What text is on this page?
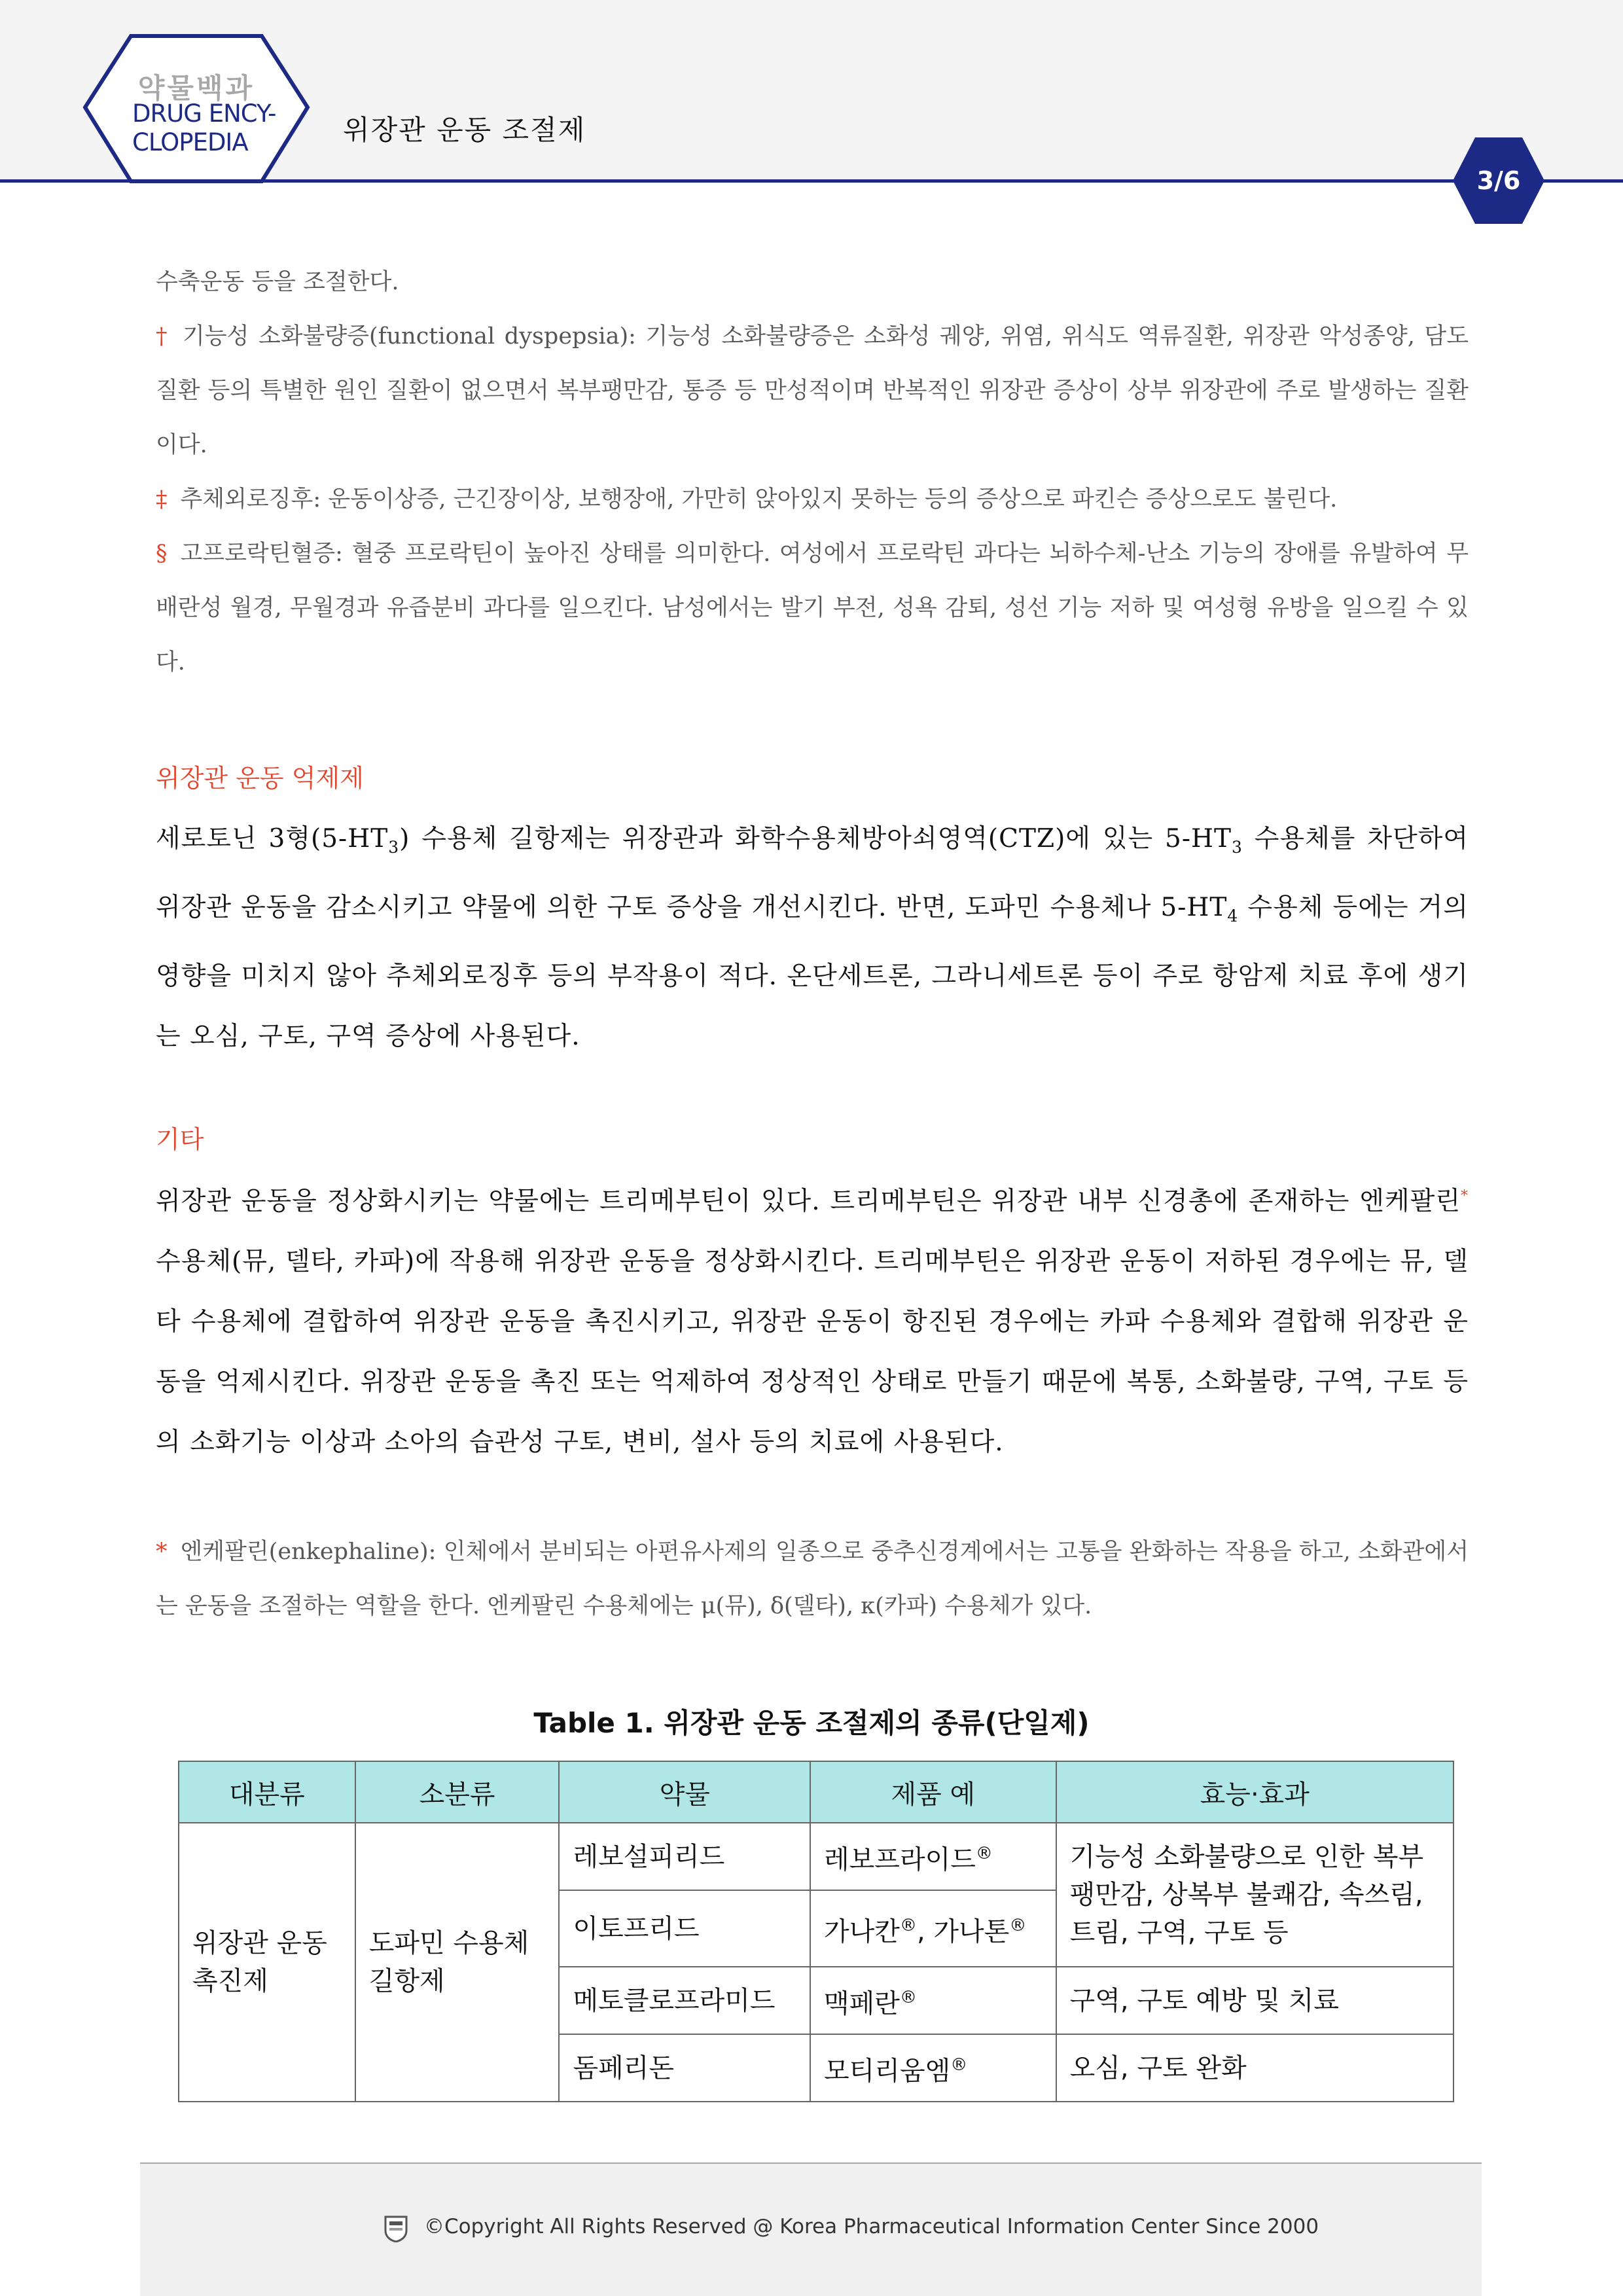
약물백과
DRUG ENCY-
CLOPEDIA	위장관 운동 조절제
3/6

수축운동 등을 조절한다.

† 기능성 소화불량증(functional dyspepsia): 기능성 소화불량증은 소화성 궤양, 위염, 위식도 역류질환, 위장관 악성종양, 담도 질환 등의 특별한 원인 질환이 없으면서 복부팽만감, 통증 등 만성적이며 반복적인 위장관 증상이 상부 위장관에 주로 발생하는 질환이다.

‡ 추체외로징후: 운동이상증, 근긴장이상, 보행장애, 가만히 앉아있지 못하는 등의 증상으로 파킨슨 증상으로도 불린다.

§ 고프로락틴혈증: 혈중 프로락틴이 높아진 상태를 의미한다. 여성에서 프로락틴 과다는 뇌하수체-난소 기능의 장애를 유발하여 무배란성 월경, 무월경과 유즙분비 과다를 일으킨다. 남성에서는 발기 부전, 성욕 감퇴, 성선 기능 저하 및 여성형 유방을 일으킬 수 있다.

위장관 운동 억제제

세로토닌 3형$(5-HT_3)$ 수용체 길항제는 위장관과 화학수용체방아쇠영역(CTZ)에 있는 $5-HT_3$ 수용체를 차단하여 위장관 운동을 감소시키고 약물에 의한 구토 증상을 개선시킨다. 반면, 도파민 수용체나 $5-HT_4$ 수용체 등에는 거의 영향을 미치지 않아 추체외로징후 등의 부작용이 적다. 온단세트론, 그라니세트론 등이 주로 항암제 치료 후에 생기는 오심, 구토, 구역 증상에 사용된다.

기타

위장관 운동을 정상화시키는 약물에는 트리메부틴이 있다. 트리메부틴은 위장관 내부 신경총에 존재하는 엔케팔린* 수용체(뮤, 델타, 카파)에 작용해 위장관 운동을 정상화시킨다. 트리메부틴은 위장관 운동이 저하된 경우에는 뮤, 델타 수용체에 결합하여 위장관 운동을 촉진시키고, 위장관 운동이 항진된 경우에는 카파 수용체와 결합해 위장관 운동을 억제시킨다. 위장관 운동을 촉진 또는 억제하여 정상적인 상태로 만들기 때문에 복통, 소화불량, 구역, 구토 등의 소화기능 이상과 소아의 습관성 구토, 변비, 설사 등의 치료에 사용된다.

* 엔케팔린(enkephaline): 인체에서 분비되는 아편유사제의 일종으로 중추신경계에서는 고통을 완화하는 작용을 하고, 소화관에서는 운동을 조절하는 역할을 한다. 엔케팔린 수용체에는 μ(뮤), δ(델타), κ(카파) 수용체가 있다.

Table 1. 위장관 운동 조절제의 종류(단일제)
대분류	소분류	약물	제품 예	효능·효과
위장관 운동 촉진제	도파민 수용체 길항제	레보설피리드	레보프라이드®	기능성 소화불량으로 인한 복부팽만감, 상복부 불쾌감, 속쓰림, 트림, 구역, 구토 등
		이토프리드	가나칸®, 가나톤®
		메토클로프라미드	맥페란®	구역, 구토 예방 및 치료
		돔페리돈	모티리움엠®	오심, 구토 완화
©Copyright All Rights Reserved @ Korea Pharmaceutical Information Center Since 2000
